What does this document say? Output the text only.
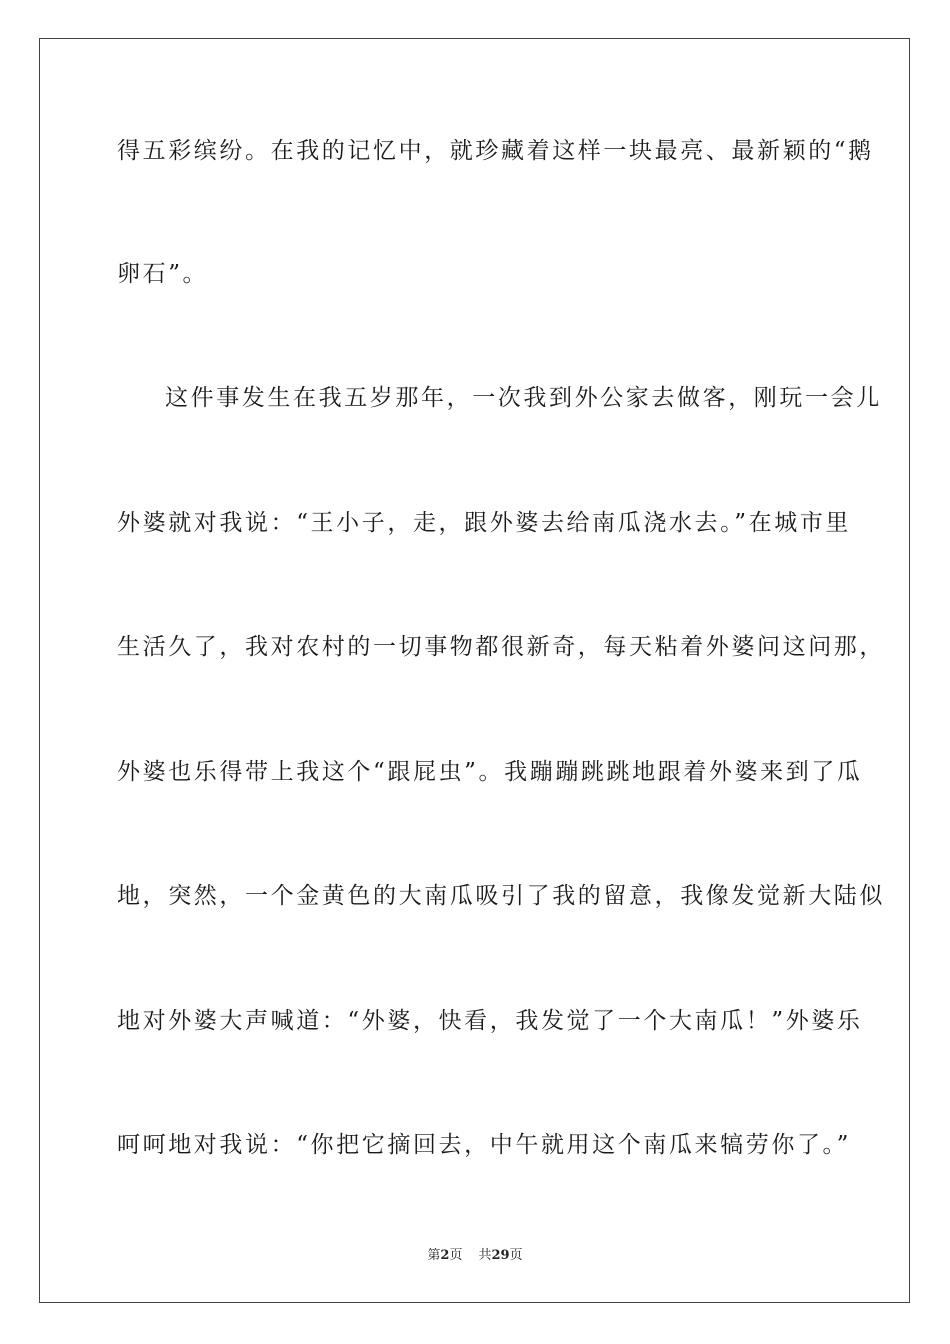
得五彩缤纷。在我的记忆中，就珍藏着这样一块最亮、最新颖的“鹅
卵石”。
这件事发生在我五岁那年，一次我到外公家去做客，刚玩一会儿
外婆就对我说：“王小子，走，跟外婆去给南瓜浇水去。”在城市里
生活久了，我对农村的一切事物都很新奇，每天粘着外婆问这问那，
外婆也乐得带上我这个“跟屁虫”。我蹦蹦跳跳地跟着外婆来到了瓜
地，突然，一个金黄色的大南瓜吸引了我的留意，我像发觉新大陆似
地对外婆大声喊道：“外婆，快看，我发觉了一个大南瓜！”外婆乐
呵呵地对我说：“你把它摘回去，中午就用这个南瓜来犒劳你了。”
第2页 共29页
